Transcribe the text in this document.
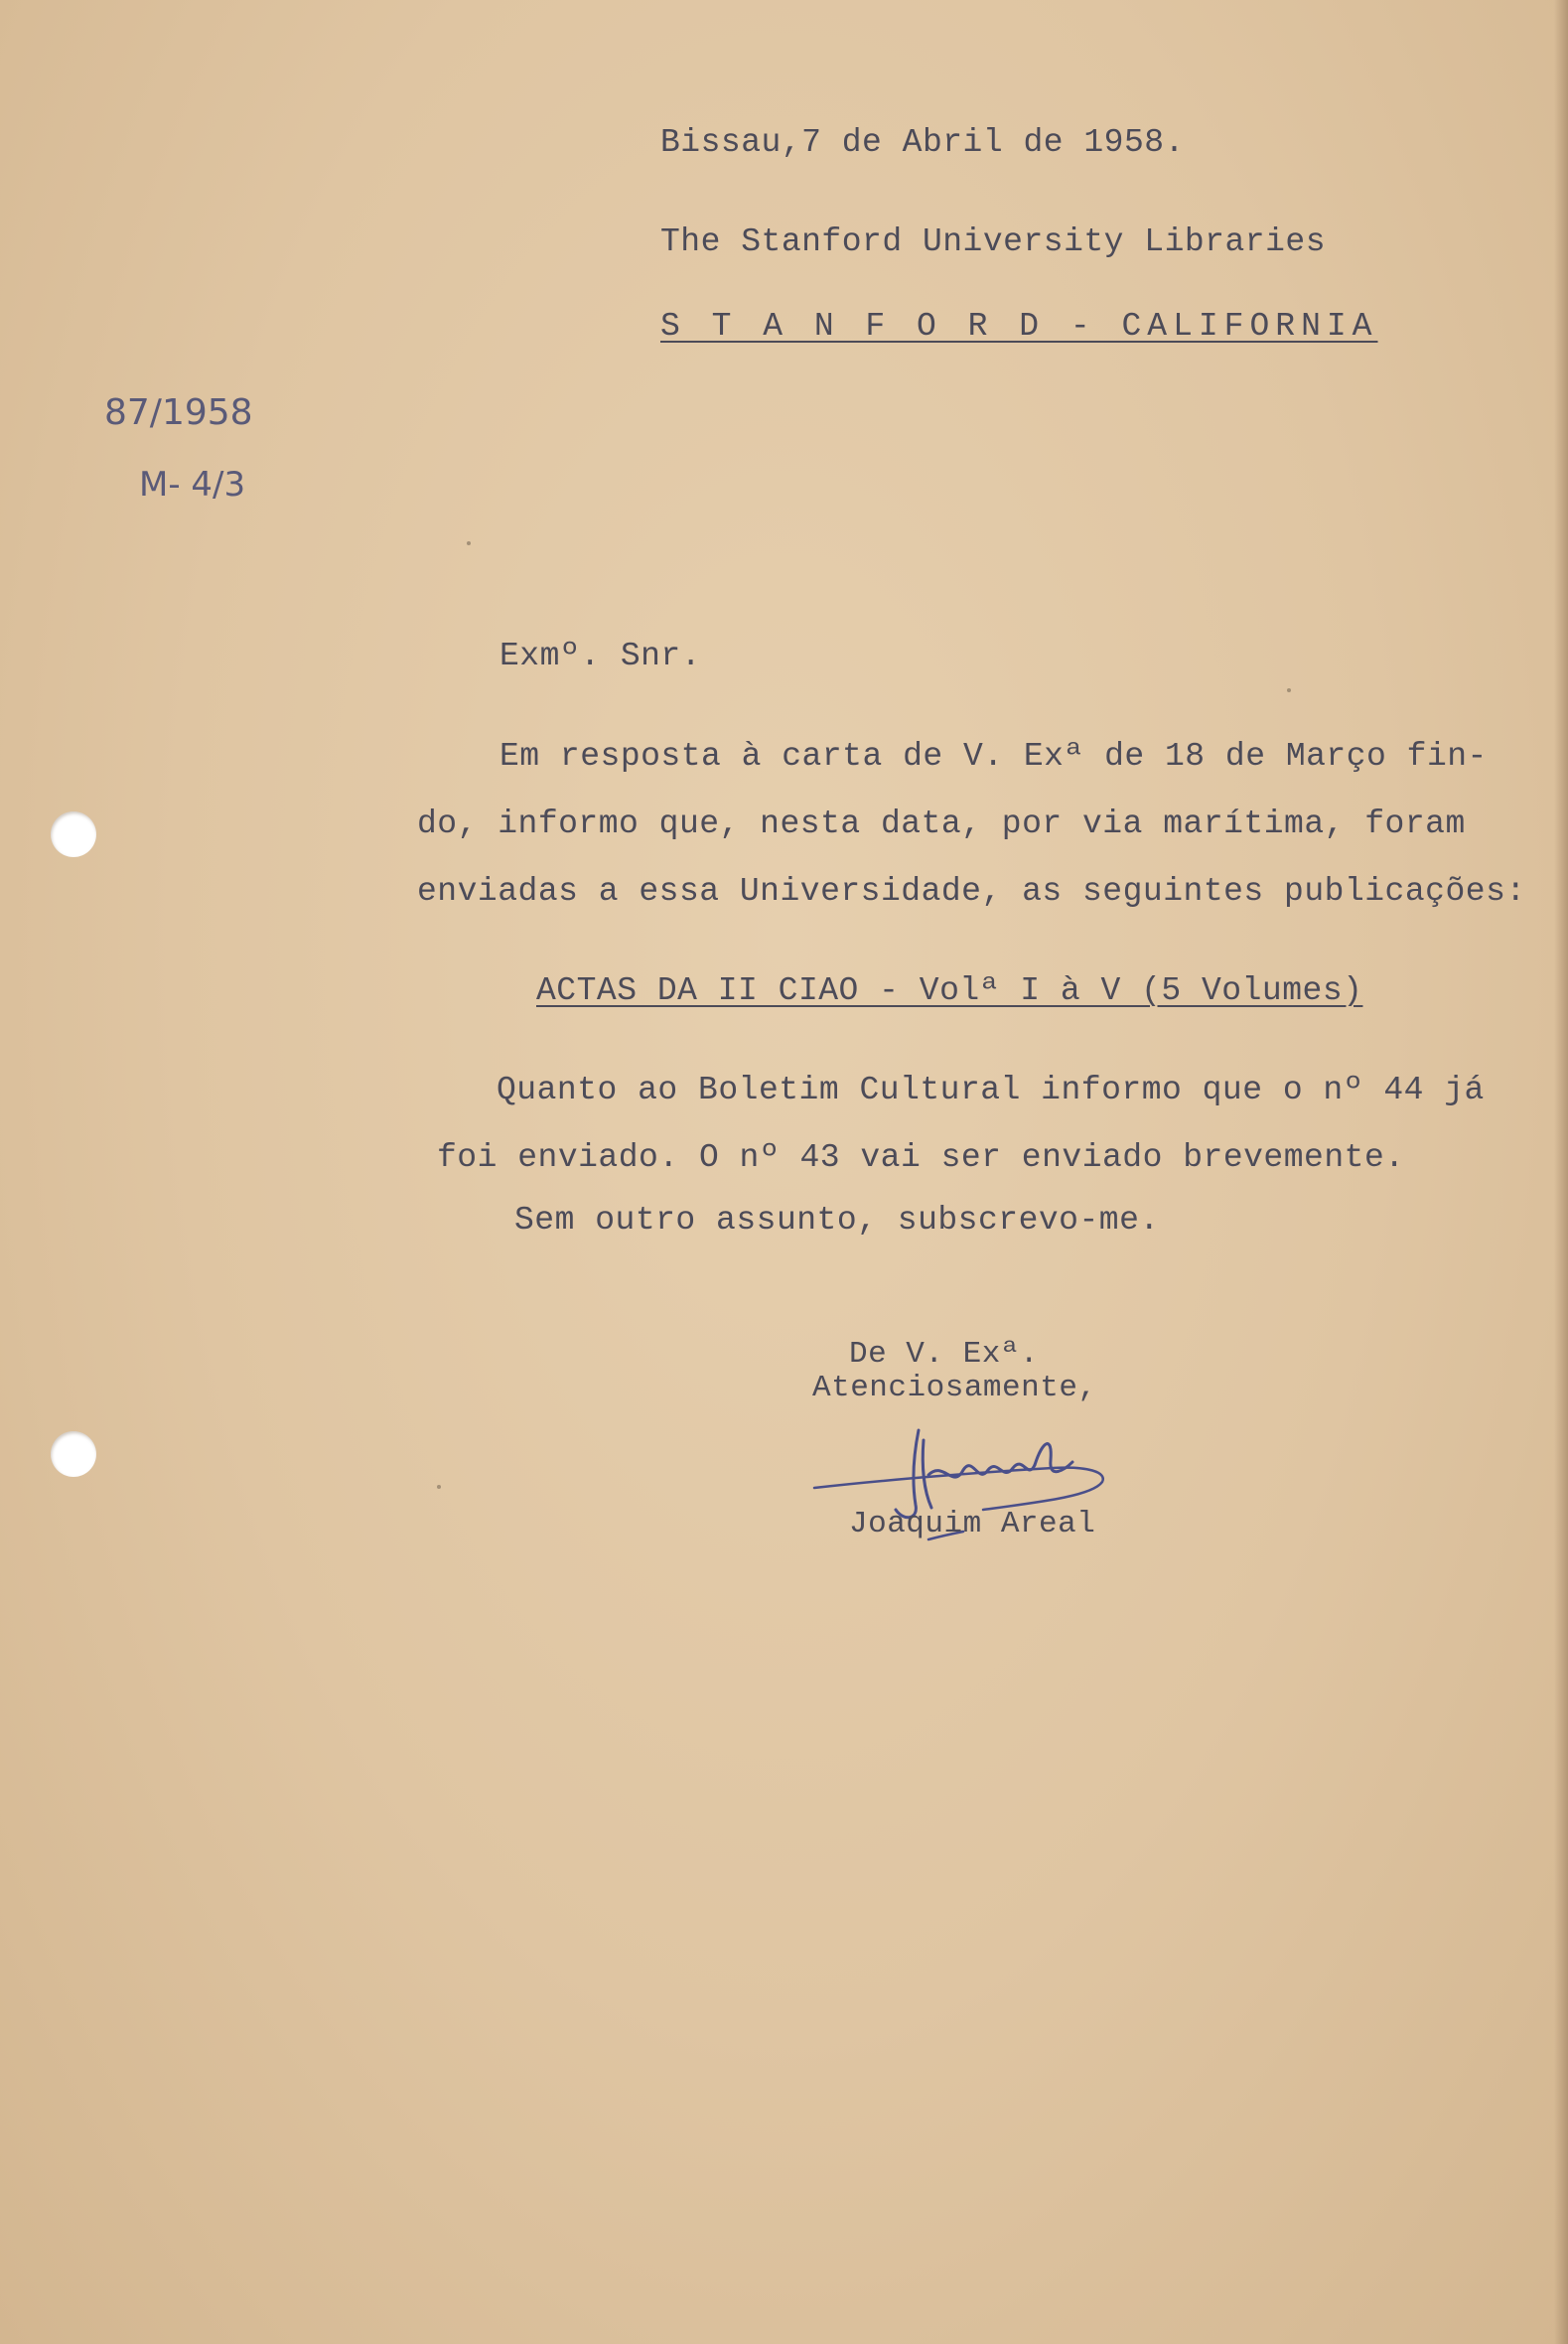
Bissau,7 de Abril de 1958.
The Stanford University Libraries
S T A N F O R D - CALIFORNIA
87/1958
M- 4/3
Exmº. Snr.
Em resposta à carta de V. Exª de 18 de Março fin-
do, informo que, nesta data, por via marítima, foram
enviadas a essa Universidade, as seguintes publicações:
ACTAS DA II CIAO - Volª I à V (5 Volumes)
Quanto ao Boletim Cultural informo que o nº 44 já
foi enviado. O nº 43 vai ser enviado brevemente.
Sem outro assunto, subscrevo-me.
De V. Exª.
Atenciosamente,
Joaquim Areal
